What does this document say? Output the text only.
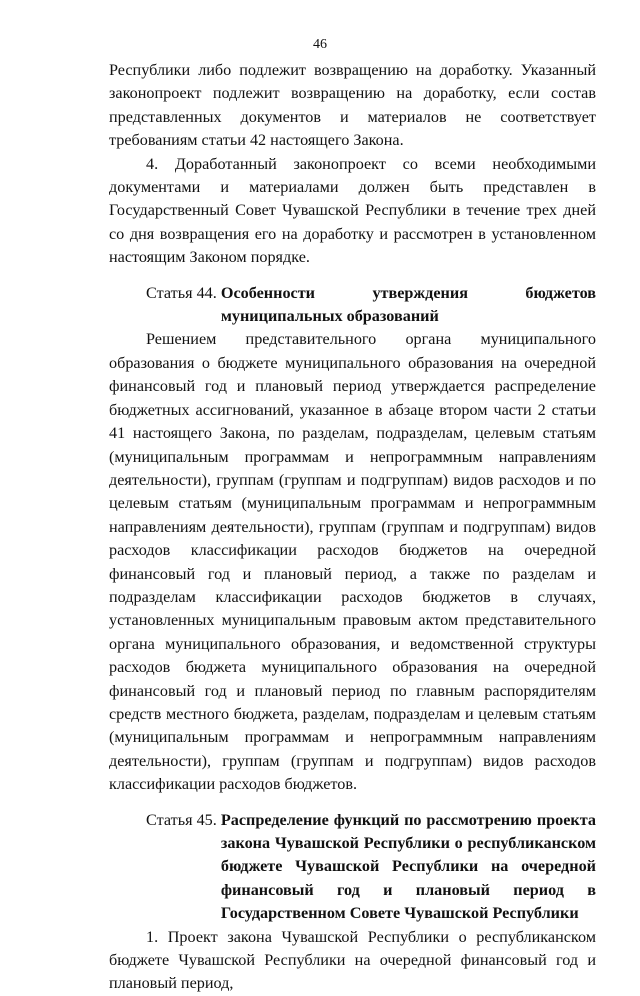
46

Республики либо подлежит возвращению на доработку. Указанный законопроект подлежит возвращению на доработку, если состав представленных документов и материалов не соответствует требованиям статьи 42 настоящего Закона.

4. Доработанный законопроект со всеми необходимыми документами и материалами должен быть представлен в Государственный Совет Чувашской Республики в течение трех дней со дня возвращения его на доработку и рассмотрен в установленном настоящим Законом порядке.

Статья 44. Особенности утверждения бюджетов муниципальных образований

Решением представительного органа муниципального образования о бюджете муниципального образования на очередной финансовый год и плановый период утверждается распределение бюджетных ассигнований, указанное в абзаце втором части 2 статьи 41 настоящего Закона, по разделам, подразделам, целевым статьям (муниципальным программам и непрограммным направлениям деятельности), группам (группам и подгруппам) видов расходов и по целевым статьям (муниципальным программам и непрограммным направлениям деятельности), группам (группам и подгруппам) видов расходов классификации расходов бюджетов на очередной финансовый год и плановый период, а также по разделам и подразделам классификации расходов бюджетов в случаях, установленных муниципальным правовым актом представительного органа муниципального образования, и ведомственной структуры расходов бюджета муниципального образования на очередной финансовый год и плановый период по главным распорядителям средств местного бюджета, разделам, подразделам и целевым статьям (муниципальным программам и непрограммным направлениям деятельности), группам (группам и подгруппам) видов расходов классификации расходов бюджетов.

Статья 45. Распределение функций по рассмотрению проекта закона Чувашской Республики о республиканском бюджете Чувашской Республики на очередной финансовый год и плановый период в Государственном Совете Чувашской Республики

1. Проект закона Чувашской Республики о республиканском бюджете Чувашской Республики на очередной финансовый год и плановый период,
